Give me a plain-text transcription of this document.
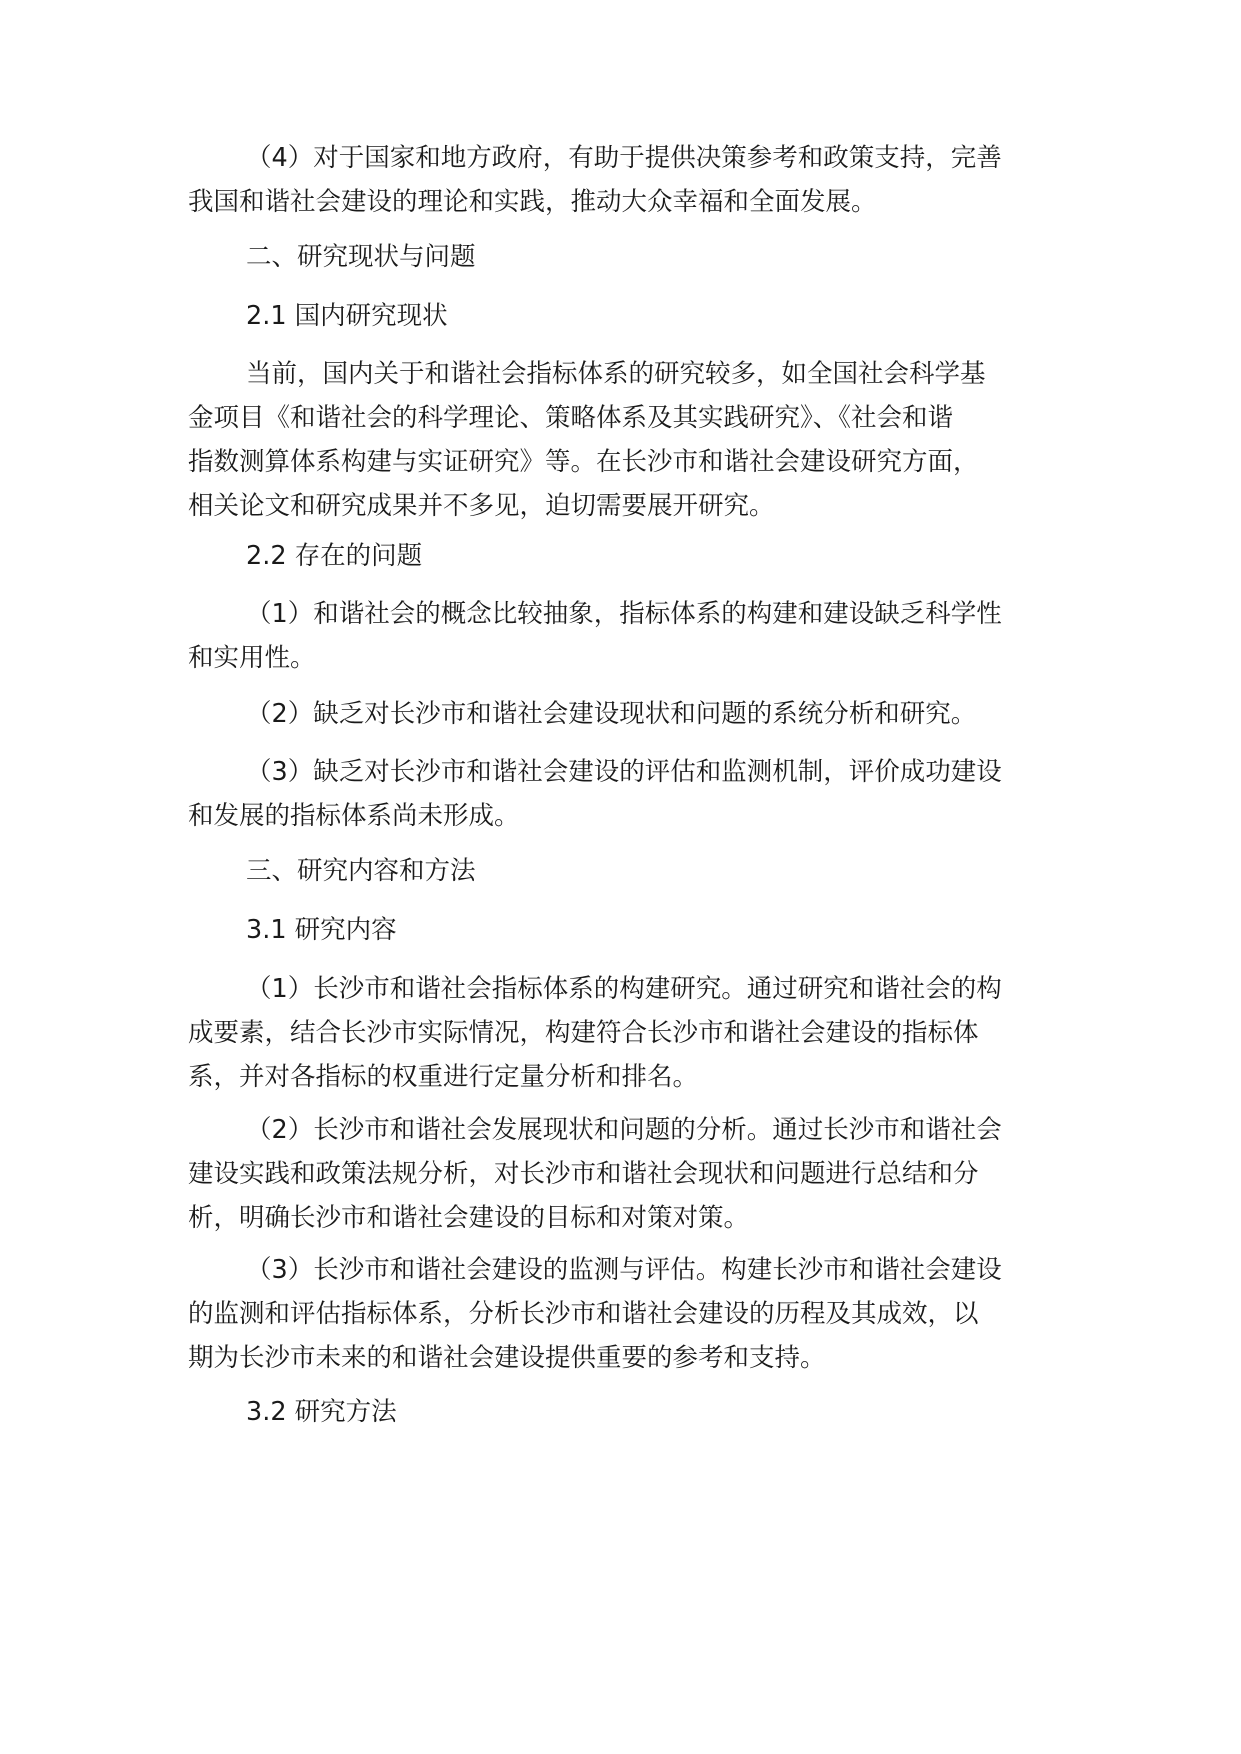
（4）对于国家和地方政府，有助于提供决策参考和政策支持，完善
我国和谐社会建设的理论和实践，推动大众幸福和全面发展。

二、研究现状与问题

2.1 国内研究现状

当前，国内关于和谐社会指标体系的研究较多，如全国社会科学基
金项目《和谐社会的科学理论、策略体系及其实践研究》、《社会和谐
指数测算体系构建与实证研究》等。在长沙市和谐社会建设研究方面，
相关论文和研究成果并不多见，迫切需要展开研究。

2.2 存在的问题

（1）和谐社会的概念比较抽象，指标体系的构建和建设缺乏科学性
和实用性。

（2）缺乏对长沙市和谐社会建设现状和问题的系统分析和研究。

（3）缺乏对长沙市和谐社会建设的评估和监测机制，评价成功建设
和发展的指标体系尚未形成。

三、研究内容和方法

3.1 研究内容

（1）长沙市和谐社会指标体系的构建研究。通过研究和谐社会的构
成要素，结合长沙市实际情况，构建符合长沙市和谐社会建设的指标体
系，并对各指标的权重进行定量分析和排名。

（2）长沙市和谐社会发展现状和问题的分析。通过长沙市和谐社会
建设实践和政策法规分析，对长沙市和谐社会现状和问题进行总结和分
析，明确长沙市和谐社会建设的目标和对策对策。

（3）长沙市和谐社会建设的监测与评估。构建长沙市和谐社会建设
的监测和评估指标体系，分析长沙市和谐社会建设的历程及其成效，以
期为长沙市未来的和谐社会建设提供重要的参考和支持。

3.2 研究方法
